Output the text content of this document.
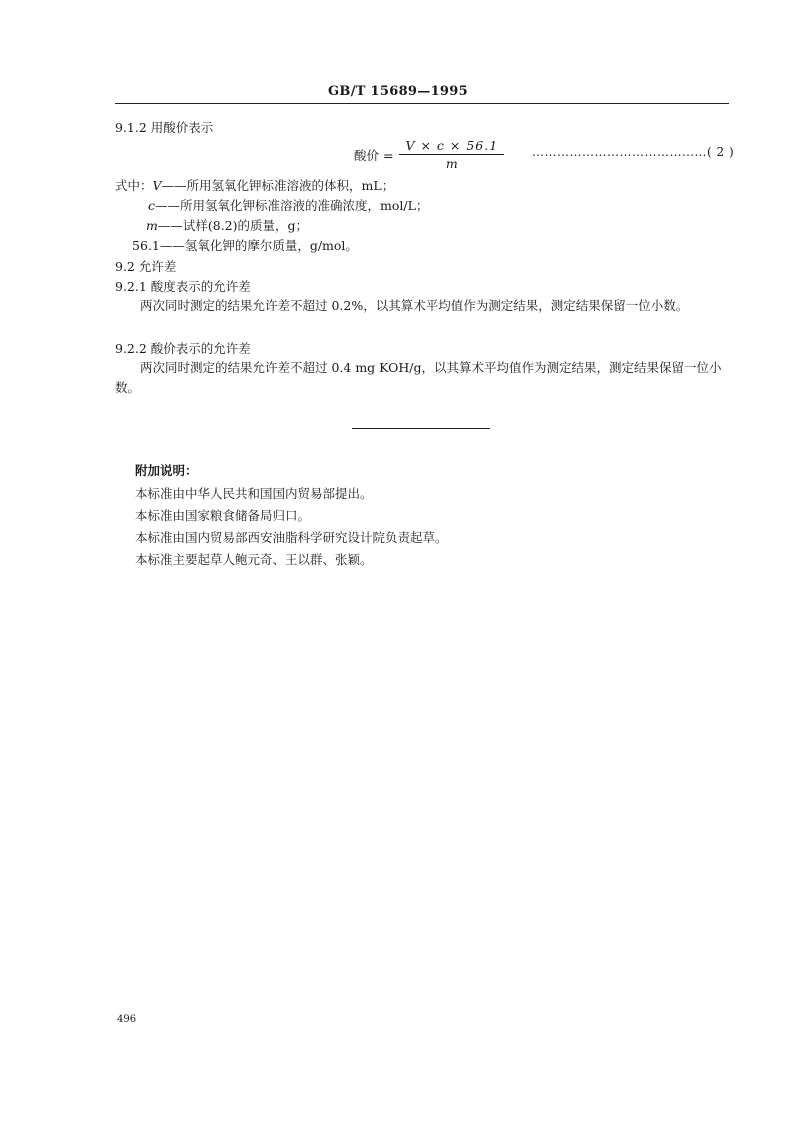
GB/T 15689—1995
9.1.2 用酸价表示
酸价 = $\frac{V \times c \times 56.1}{m}$ ……………………………………( 2 )
式中：V——所用氢氧化钾标准溶液的体积，mL；
c——所用氢氧化钾标准溶液的准确浓度，mol/L；
m——试样(8.2)的质量，g；
56.1——氢氧化钾的摩尔质量，g/mol。
9.2 允许差
9.2.1 酸度表示的允许差
两次同时测定的结果允许差不超过 0.2%，以其算术平均值作为测定结果，测定结果保留一位小数。
9.2.2 酸价表示的允许差
两次同时测定的结果允许差不超过 0.4 mg KOH/g，以其算术平均值作为测定结果，测定结果保留一位小数。
附加说明：
本标准由中华人民共和国国内贸易部提出。
本标准由国家粮食储备局归口。
本标准由国内贸易部西安油脂科学研究设计院负责起草。
本标准主要起草人鲍元奇、王以群、张颖。
496
